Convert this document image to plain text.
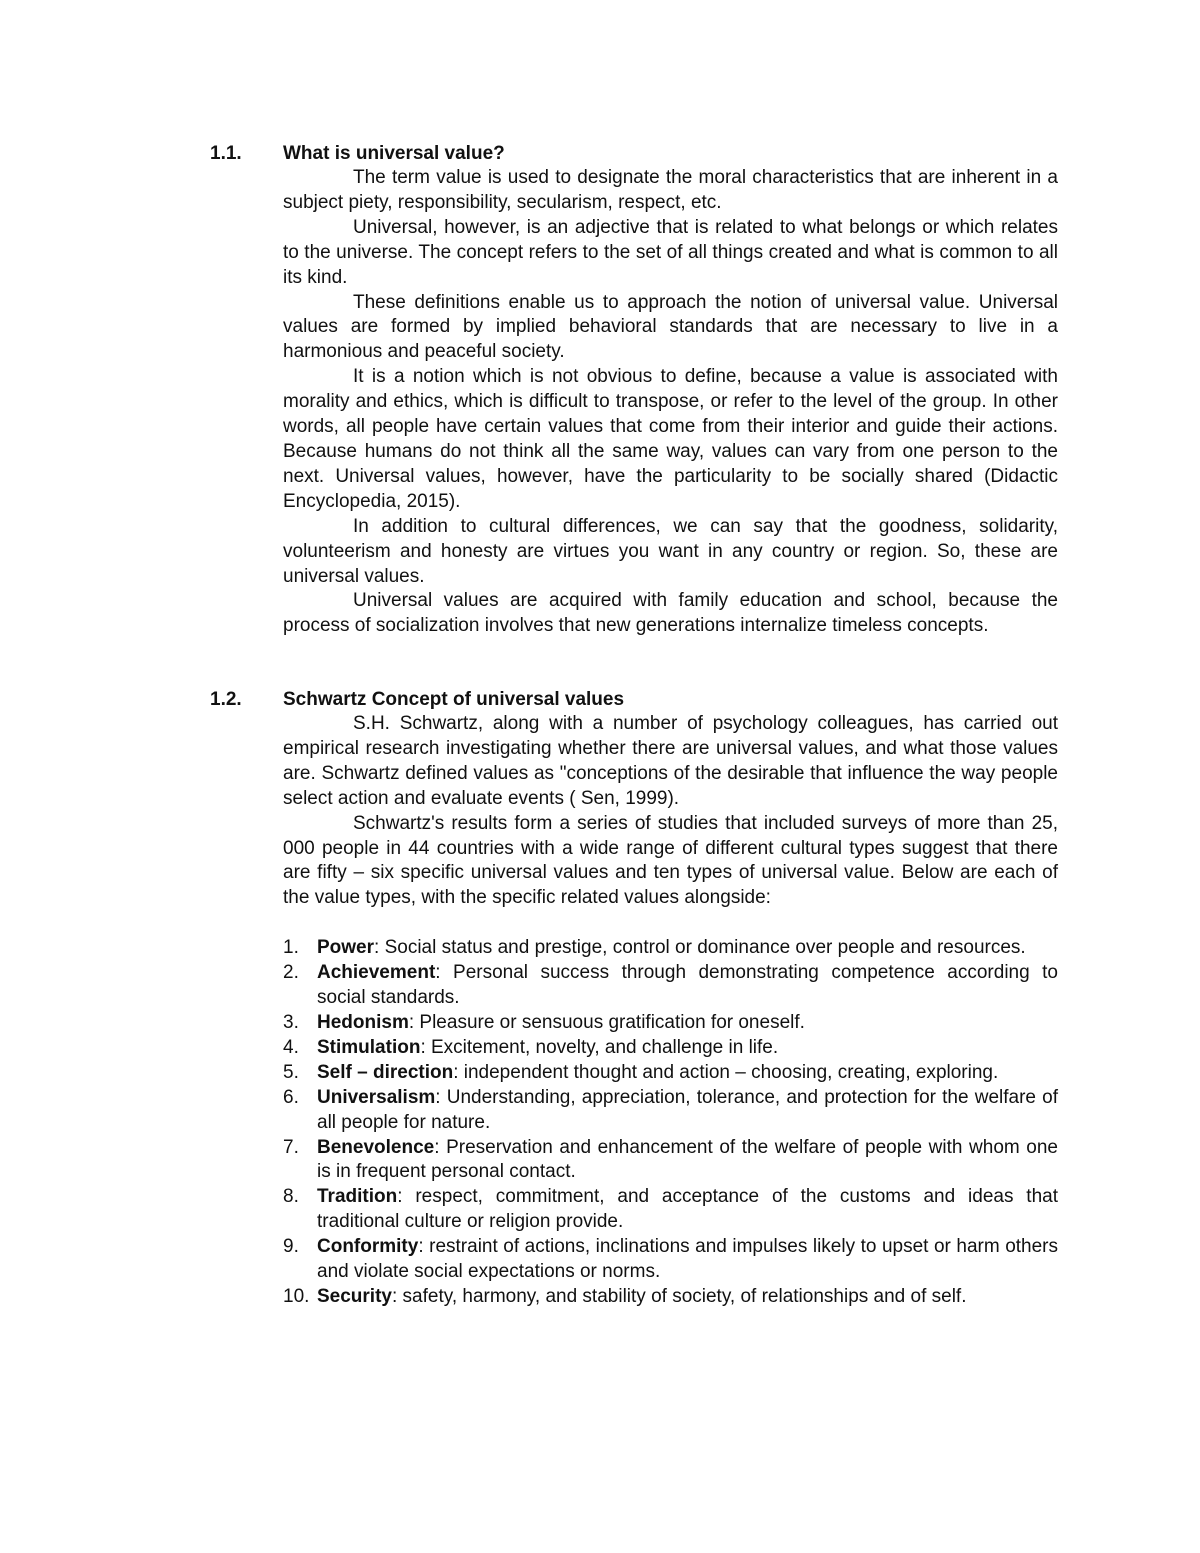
1.1. What is universal value?

The term value is used to designate the moral characteristics that are inherent in a subject piety, responsibility, secularism, respect, etc.

Universal, however, is an adjective that is related to what belongs or which relates to the universe. The concept refers to the set of all things created and what is common to all its kind.

These definitions enable us to approach the notion of universal value. Universal values are formed by implied behavioral standards that are necessary to live in a harmonious and peaceful society.

It is a notion which is not obvious to define, because a value is associated with morality and ethics, which is difficult to transpose, or refer to the level of the group. In other words, all people have certain values that come from their interior and guide their actions. Because humans do not think all the same way, values can vary from one person to the next. Universal values, however, have the particularity to be socially shared (Didactic Encyclopedia, 2015).

In addition to cultural differences, we can say that the goodness, solidarity, volunteerism and honesty are virtues you want in any country or region. So, these are universal values.

Universal values are acquired with family education and school, because the process of socialization involves that new generations internalize timeless concepts.

1.2. Schwartz Concept of universal values

S.H. Schwartz, along with a number of psychology colleagues, has carried out empirical research investigating whether there are universal values, and what those values are. Schwartz defined values as "conceptions of the desirable that influence the way people select action and evaluate events ( Sen, 1999).

Schwartz's results form a series of studies that included surveys of more than 25, 000 people in 44 countries with a wide range of different cultural types suggest that there are fifty – six specific universal values and ten types of universal value. Below are each of the value types, with the specific related values alongside:

1. Power: Social status and prestige, control or dominance over people and resources.
2. Achievement: Personal success through demonstrating competence according to social standards.
3. Hedonism: Pleasure or sensuous gratification for oneself.
4. Stimulation: Excitement, novelty, and challenge in life.
5. Self – direction: independent thought and action – choosing, creating, exploring.
6. Universalism: Understanding, appreciation, tolerance, and protection for the welfare of all people for nature.
7. Benevolence: Preservation and enhancement of the welfare of people with whom one is in frequent personal contact.
8. Tradition: respect, commitment, and acceptance of the customs and ideas that traditional culture or religion provide.
9. Conformity: restraint of actions, inclinations and impulses likely to upset or harm others and violate social expectations or norms.
10. Security: safety, harmony, and stability of society, of relationships and of self.
